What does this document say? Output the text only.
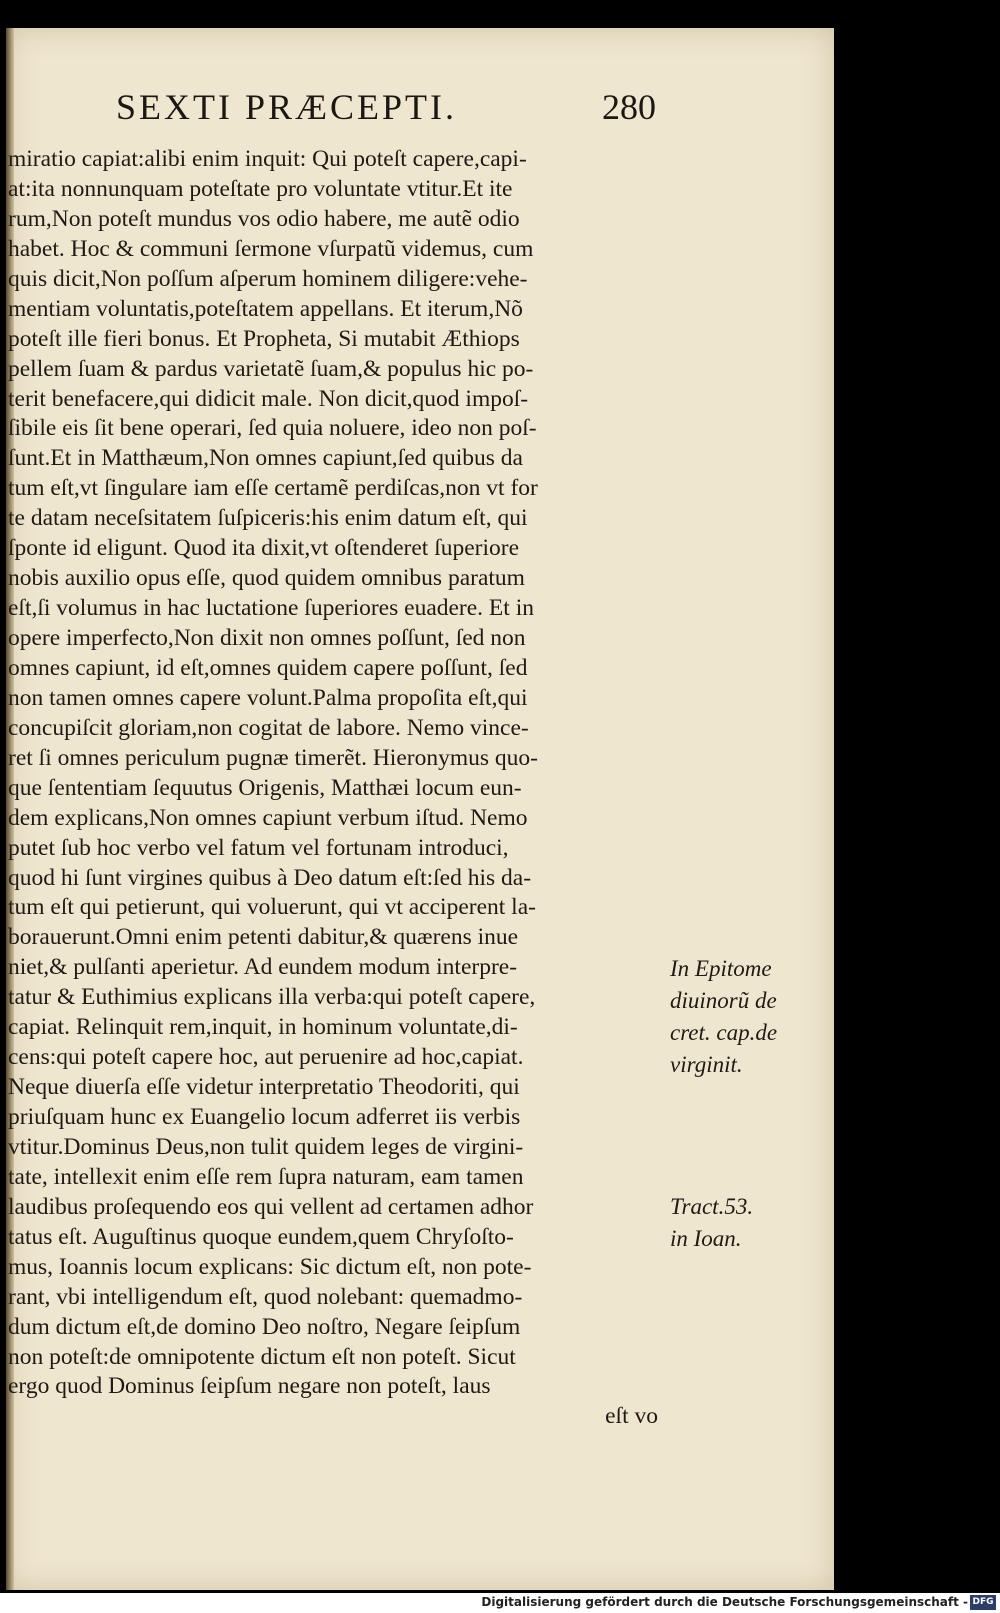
SEXTI PRÆCEPTI.	280
miratio capiat:alibi enim inquit: Qui poteſt capere,capi-
at:ita nonnunquam poteſtate pro voluntate vtitur.Et ite
rum,Non poteſt mundus vos odio habere, me autẽ odio
habet. Hoc & communi ſermone vſurpatũ videmus, cum
quis dicit,Non poſſum aſperum hominem diligere:vehe-
mentiam voluntatis,poteſtatem appellans. Et iterum,Nõ
poteſt ille fieri bonus. Et Propheta, Si mutabit Æthiops
pellem ſuam & pardus varietatẽ ſuam,& populus hic po-
terit benefacere,qui didicit male. Non dicit,quod impoſ-
ſibile eis ſit bene operari, ſed quia noluere, ideo non poſ-
ſunt.Et in Matthæum,Non omnes capiunt,ſed quibus da
tum eſt,vt ſingulare iam eſſe certamẽ perdiſcas,non vt for
te datam neceſsitatem ſuſpiceris:his enim datum eſt, qui
ſponte id eligunt. Quod ita dixit,vt oſtenderet ſuperiore
nobis auxilio opus eſſe, quod quidem omnibus paratum
eſt,ſi volumus in hac luctatione ſuperiores euadere. Et in
opere imperfecto,Non dixit non omnes poſſunt, ſed non
omnes capiunt, id eſt,omnes quidem capere poſſunt, ſed
non tamen omnes capere volunt.Palma propoſita eſt,qui
concupiſcit gloriam,non cogitat de labore. Nemo vince-
ret ſi omnes periculum pugnæ timerẽt. Hieronymus quo-
que ſententiam ſequutus Origenis, Matthæi locum eun-
dem explicans,Non omnes capiunt verbum iſtud. Nemo
putet ſub hoc verbo vel fatum vel fortunam introduci,
quod hi ſunt virgines quibus à Deo datum eſt:ſed his da-
tum eſt qui petierunt, qui voluerunt, qui vt acciperent la-
borauerunt.Omni enim petenti dabitur,& quærens inue
niet,& pulſanti aperietur. Ad eundem modum interpre-
tatur & Euthimius explicans illa verba:qui poteſt capere,
capiat. Relinquit rem,inquit, in hominum voluntate,di-
cens:qui poteſt capere hoc, aut peruenire ad hoc,capiat.
Neque diuerſa eſſe videtur interpretatio Theodoriti, qui
priuſquam hunc ex Euangelio locum adferret iis verbis
vtitur.Dominus Deus,non tulit quidem leges de virgini-
tate, intellexit enim eſſe rem ſupra naturam, eam tamen
laudibus proſequendo eos qui vellent ad certamen adhor
tatus eſt. Auguſtinus quoque eundem,quem Chryſoſto-
mus, Ioannis locum explicans: Sic dictum eſt, non pote-
rant, vbi intelligendum eſt, quod nolebant: quemadmo-
dum dictum eſt,de domino Deo noſtro, Negare ſeipſum
non poteſt:de omnipotente dictum eſt non poteſt. Sicut
ergo quod Dominus ſeipſum negare non poteſt, laus
eſt vo
In Epitome
diuinorũ de
cret. cap.de
virginit.
Tract.53.
in Ioan.
Digitalisierung gefördert durch die Deutsche Forschungsgemeinschaft - DFG
